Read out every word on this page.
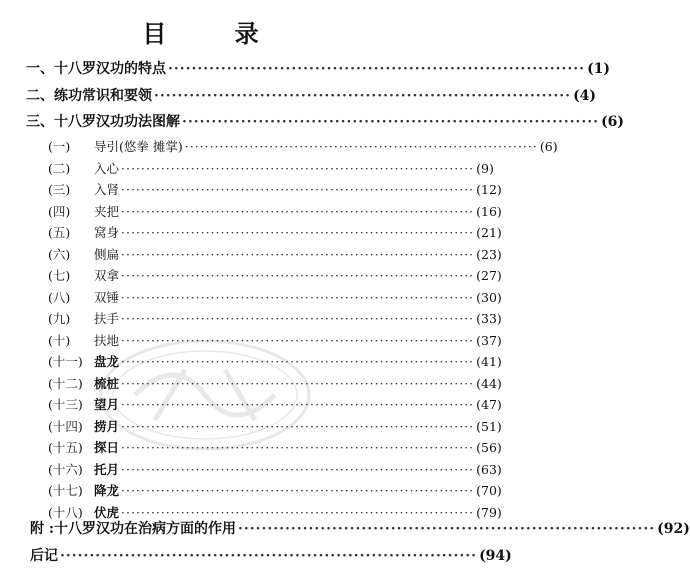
目 录
一、 十八罗汉功的特点 ······································································· (1)
二、 练功常识和要领 ······································································· (4)
三、 十八罗汉功功法图解 ······································································· (6)
(一)	导引(悠拳 摊掌) ······································································· (6)
(二)	入心 ······································································· (9)
(三)	入肾 ······································································· (12)
(四)	夹把 ······································································· (16)
(五)	窝身 ······································································· (21)
(六)	侧扁 ······································································· (23)
(七)	双拿 ······································································· (27)
(八)	双锤 ······································································· (30)
(九)	扶手 ······································································· (33)
(十)	扶地 ······································································· (37)
(十一) 盘龙 ······································································· (41)
(十二) 梳桩 ······································································· (44)
(十三) 望月 ······································································· (47)
(十四) 捞月 ······································································· (51)
(十五) 探日 ······································································· (56)
(十六) 托月 ······································································· (63)
(十七) 降龙 ······································································· (70)
(十八) 伏虎 ······································································· (79)
附 : 十八罗汉功在治病方面的作用 ······································································· (92)
后记 ······································································· (94)
